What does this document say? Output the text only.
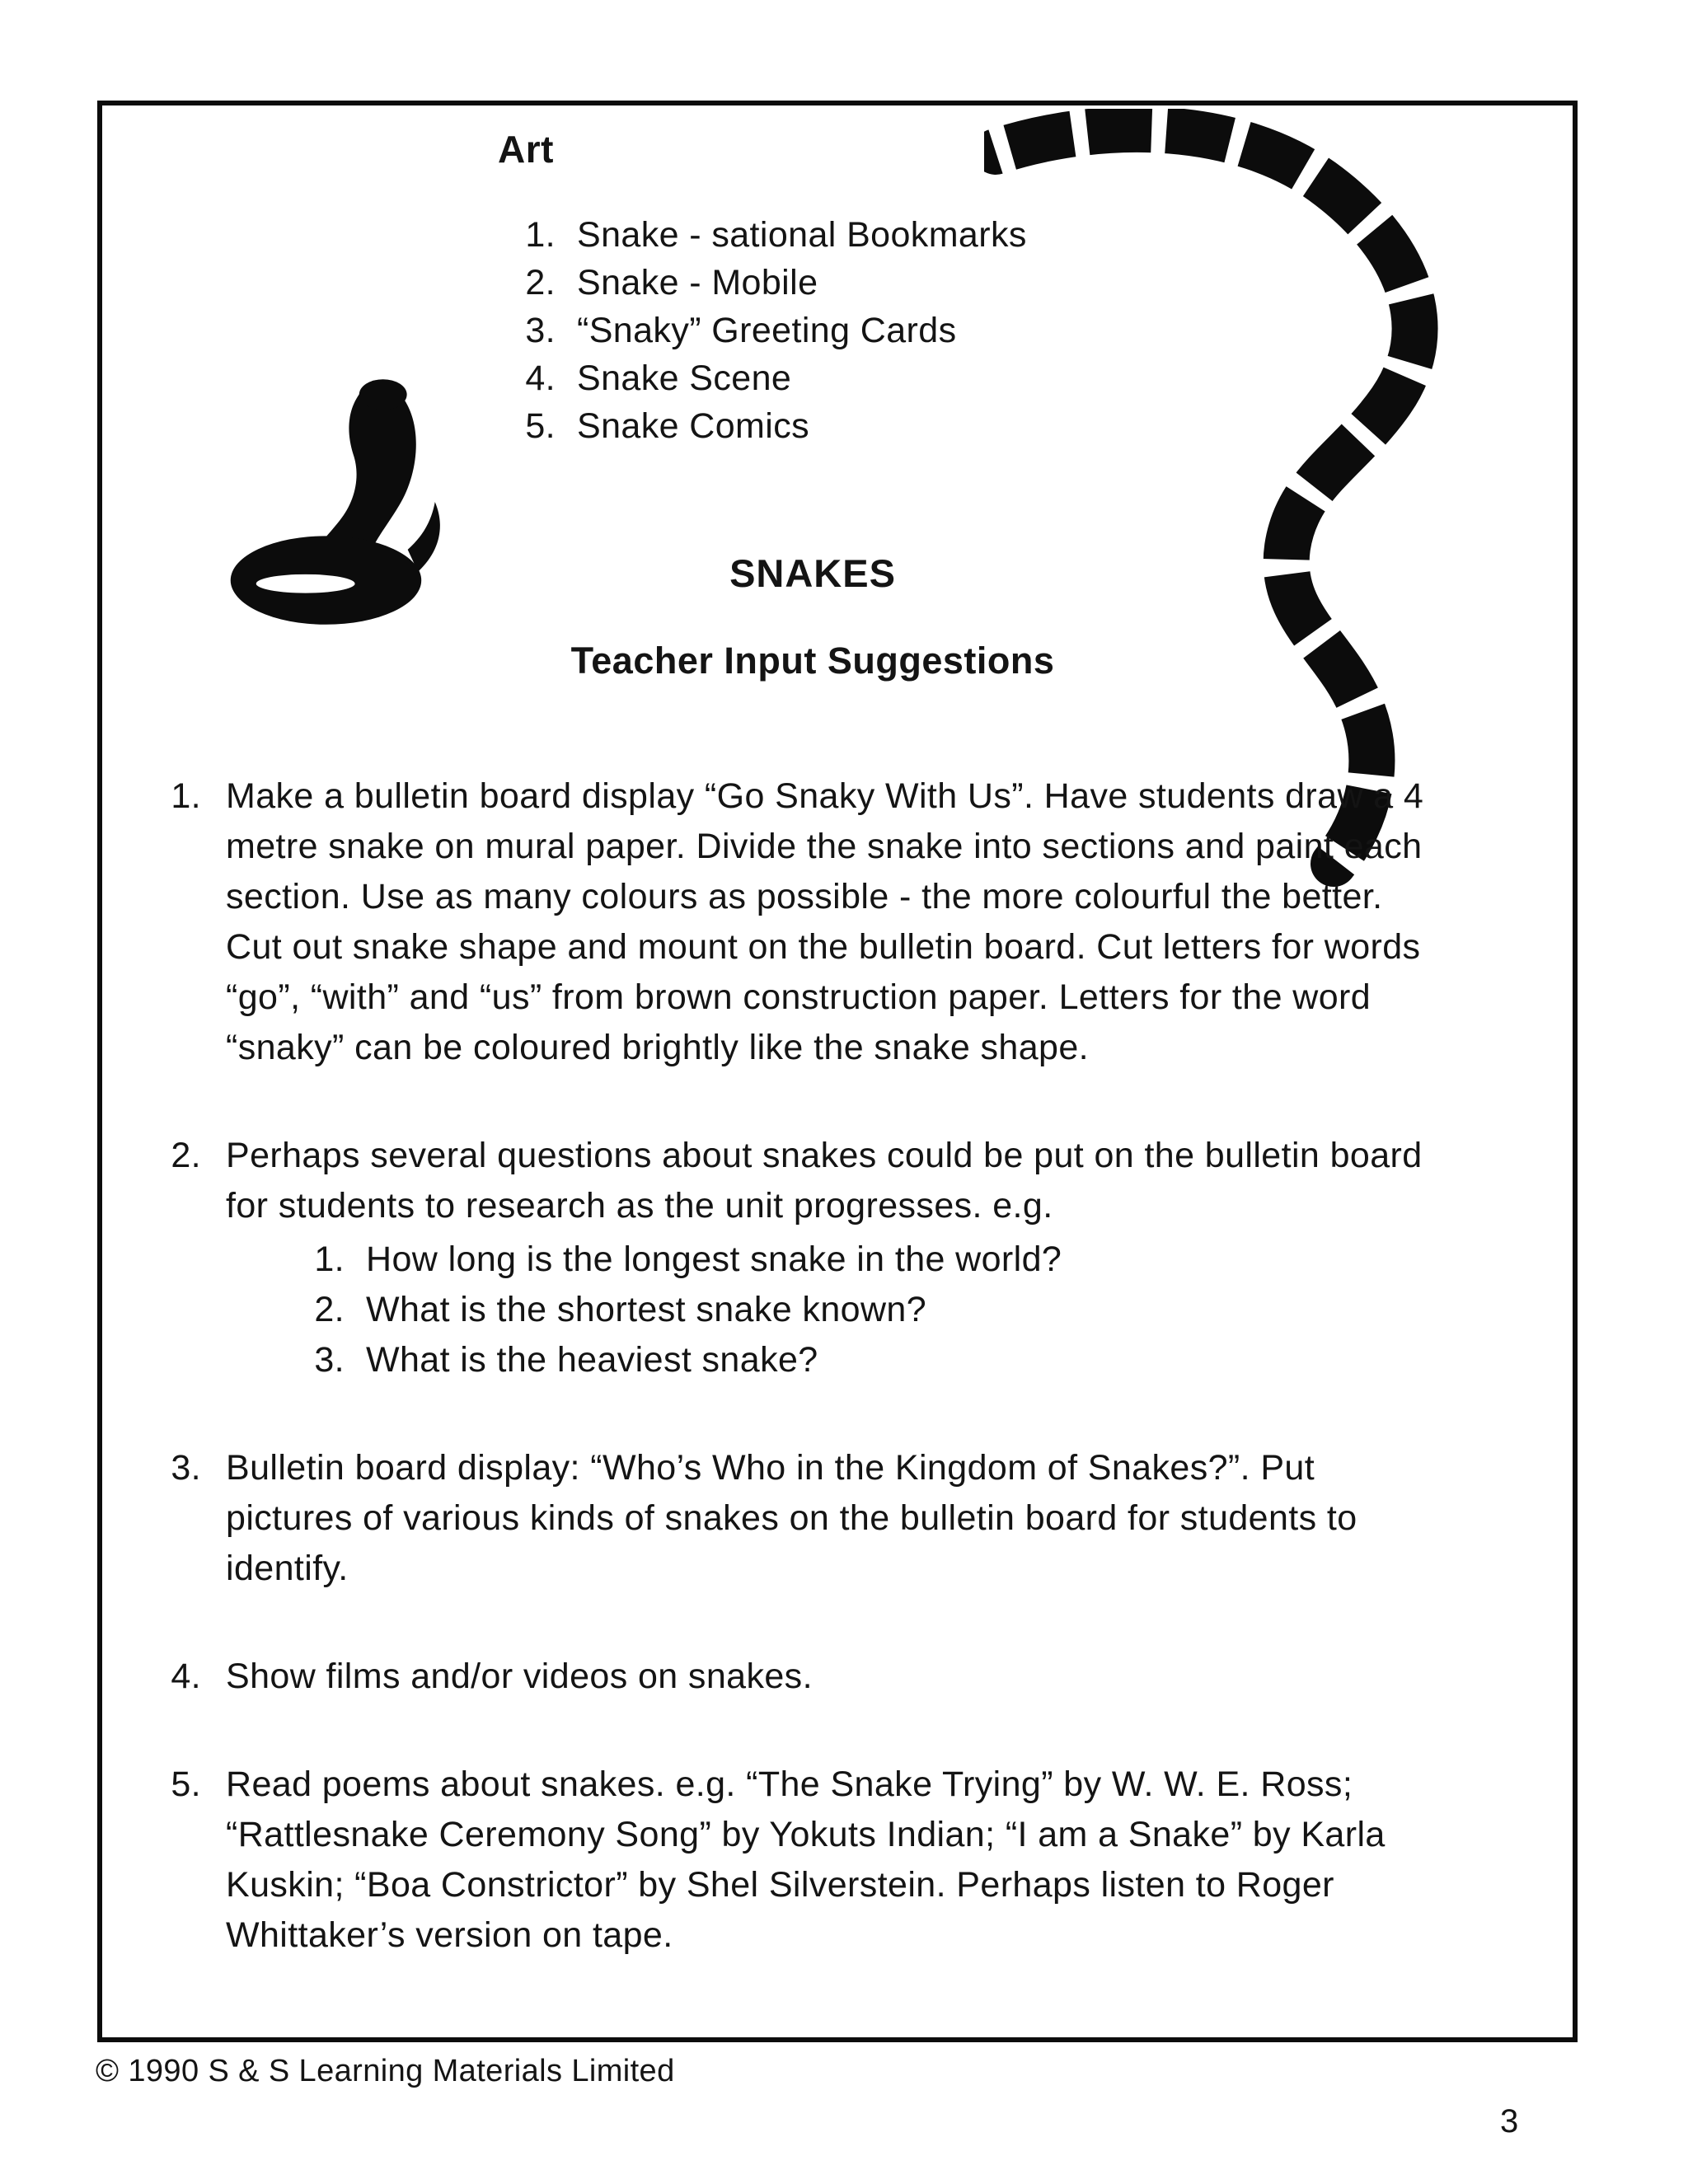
Art
1. Snake - sational Bookmarks
2. Snake - Mobile
3. “Snaky” Greeting Cards
4. Snake Scene
5. Snake Comics
SNAKES
Teacher Input Suggestions
1. Make a bulletin board display “Go Snaky With Us”. Have students draw a 4 metre snake on mural paper. Divide the snake into sections and paint each section. Use as many colours as possible - the more colourful the better. Cut out snake shape and mount on the bulletin board. Cut letters for words “go”, “with” and “us” from brown construction paper. Letters for the word “snaky” can be coloured brightly like the snake shape.
2. Perhaps several questions about snakes could be put on the bulletin board for students to research as the unit progresses. e.g.
1. How long is the longest snake in the world?
2. What is the shortest snake known?
3. What is the heaviest snake?
3. Bulletin board display: “Who’s Who in the Kingdom of Snakes?”. Put pictures of various kinds of snakes on the bulletin board for students to identify.
4. Show films and/or videos on snakes.
5. Read poems about snakes. e.g. “The Snake Trying” by W. W. E. Ross; “Rattlesnake Ceremony Song” by Yokuts Indian; “I am a Snake” by Karla Kuskin; “Boa Constrictor” by Shel Silverstein. Perhaps listen to Roger Whittaker’s version on tape.
© 1990 S & S Learning Materials Limited
3
